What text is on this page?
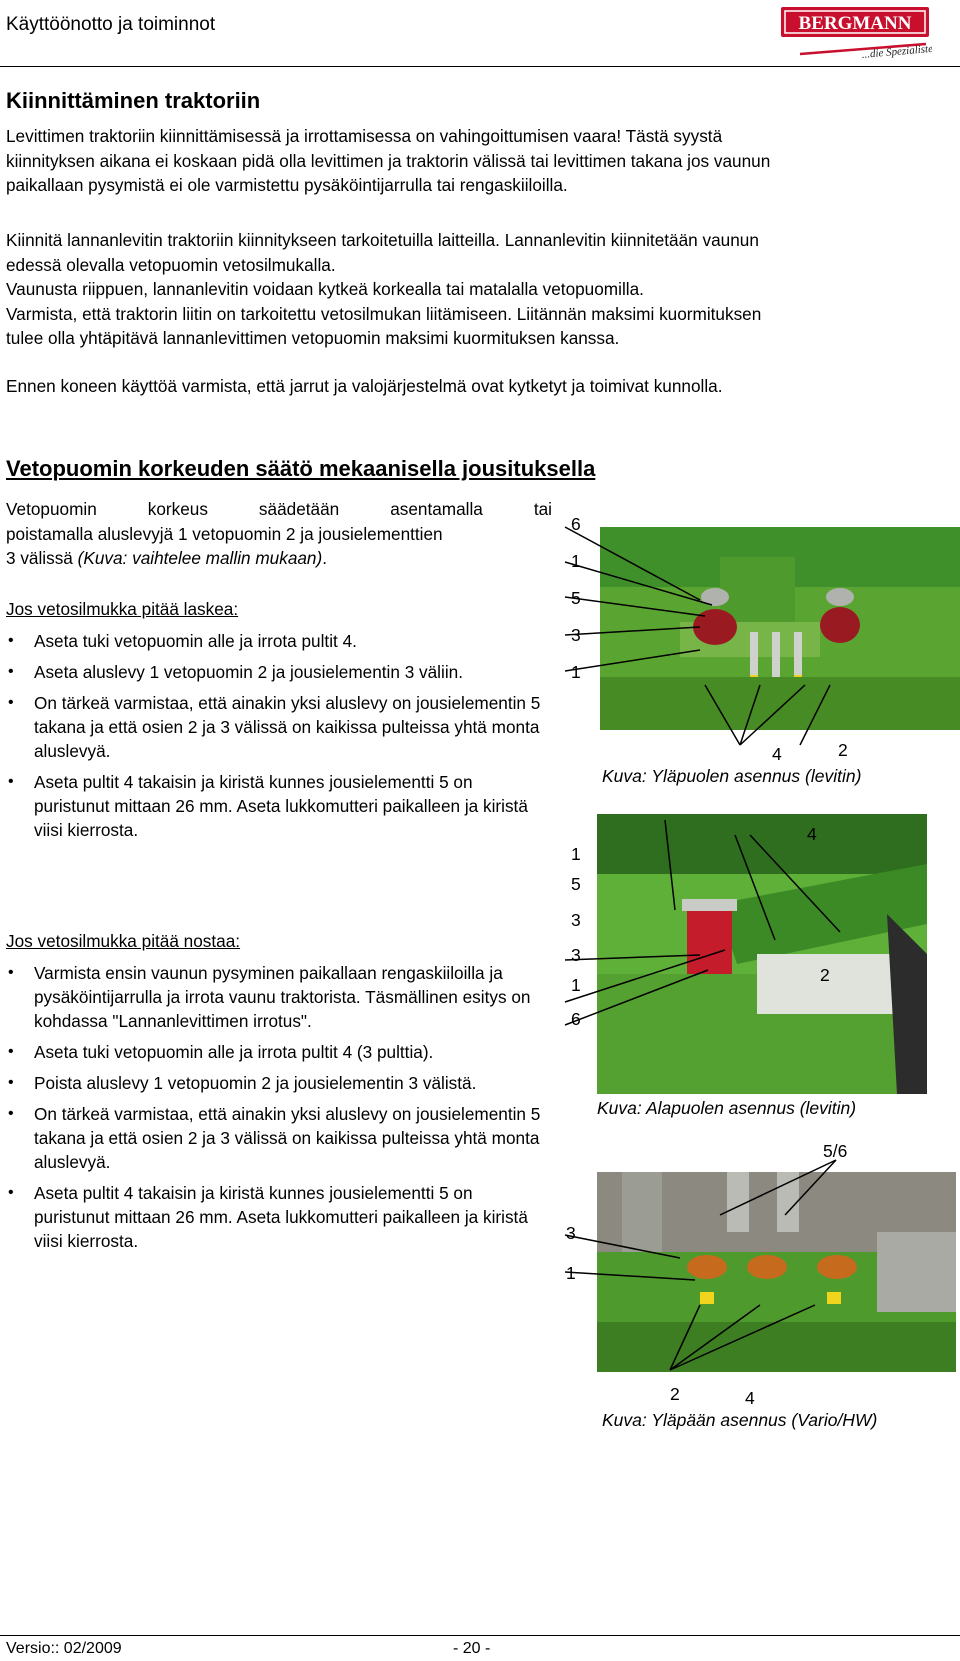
Käyttöönotto ja toiminnot	BERGMANN
...die Spezialisten
Kiinnittäminen traktoriin
Levittimen traktoriin kiinnittämisessä ja irrottamisessa on vahingoittumisen vaara! Tästä syystä
kiinnityksen aikana ei koskaan pidä olla levittimen ja traktorin välissä tai levittimen takana jos vaunun
paikallaan pysymistä ei ole varmistettu pysäköintijarrulla tai rengaskiiloilla.
Kiinnitä lannanlevitin traktoriin kiinnitykseen tarkoitetuilla laitteilla. Lannanlevitin kiinnitetään vaunun
edessä olevalla vetopuomin vetosilmukalla.
Vaunusta riippuen, lannanlevitin voidaan kytkeä korkealla tai matalalla vetopuomilla.
Varmista, että traktorin liitin on tarkoitettu vetosilmukan liitämiseen. Liitännän maksimi kuormituksen
tulee olla yhtäpitävä lannanlevittimen vetopuomin maksimi kuormituksen kanssa.
Ennen koneen käyttöä varmista, että jarrut ja valojärjestelmä ovat kytketyt ja toimivat kunnolla.
Vetopuomin korkeuden säätö mekaanisella jousituksella
Vetopuomin korkeus säädetään asentamalla tai
poistamalla aluslevyjä 1 vetopuomin 2 ja jousielementtien
3 välissä (Kuva: vaihtelee mallin mukaan).
Jos vetosilmukka pitää laskea:
• Aseta tuki vetopuomin alle ja irrota pultit 4.
• Aseta aluslevy 1 vetopuomin 2 ja jousielementin 3 väliin.
• On tärkeä varmistaa, että ainakin yksi aluslevy on jousielementin 5 takana ja että osien 2 ja 3 välissä on kaikissa pulteissa yhtä monta aluslevyä.
• Aseta pultit 4 takaisin ja kiristä kunnes jousielementti 5 on puristunut mittaan 26 mm. Aseta lukkomutteri paikalleen ja kiristä viisi kierrosta.
Jos vetosilmukka pitää nostaa:
• Varmista ensin vaunun pysyminen paikallaan rengaskiiloilla ja pysäköintijarrulla ja irrota vaunu traktorista. Täsmällinen esitys on kohdassa "Lannanlevittimen irrotus".
• Aseta tuki vetopuomin alle ja irrota pultit 4 (3 pulttia).
• Poista aluslevy 1 vetopuomin 2 ja jousielementin 3 välistä.
• On tärkeä varmistaa, että ainakin yksi aluslevy on jousielementin 5 takana ja että osien 2 ja 3 välissä on kaikissa pulteissa yhtä monta aluslevyä.
• Aseta pultit 4 takaisin ja kiristä kunnes jousielementti 5 on puristunut mittaan 26 mm. Aseta lukkomutteri paikalleen ja kiristä viisi kierrosta.
6
1
5
3
1
4	2
Kuva: Yläpuolen asennus (levitin)
1
5
4
3
3
1
6
2
Kuva: Alapuolen asennus (levitin)
5/6
3
1
2	4
Kuva: Yläpään asennus (Vario/HW)
Versio:: 02/2009	- 20 -
